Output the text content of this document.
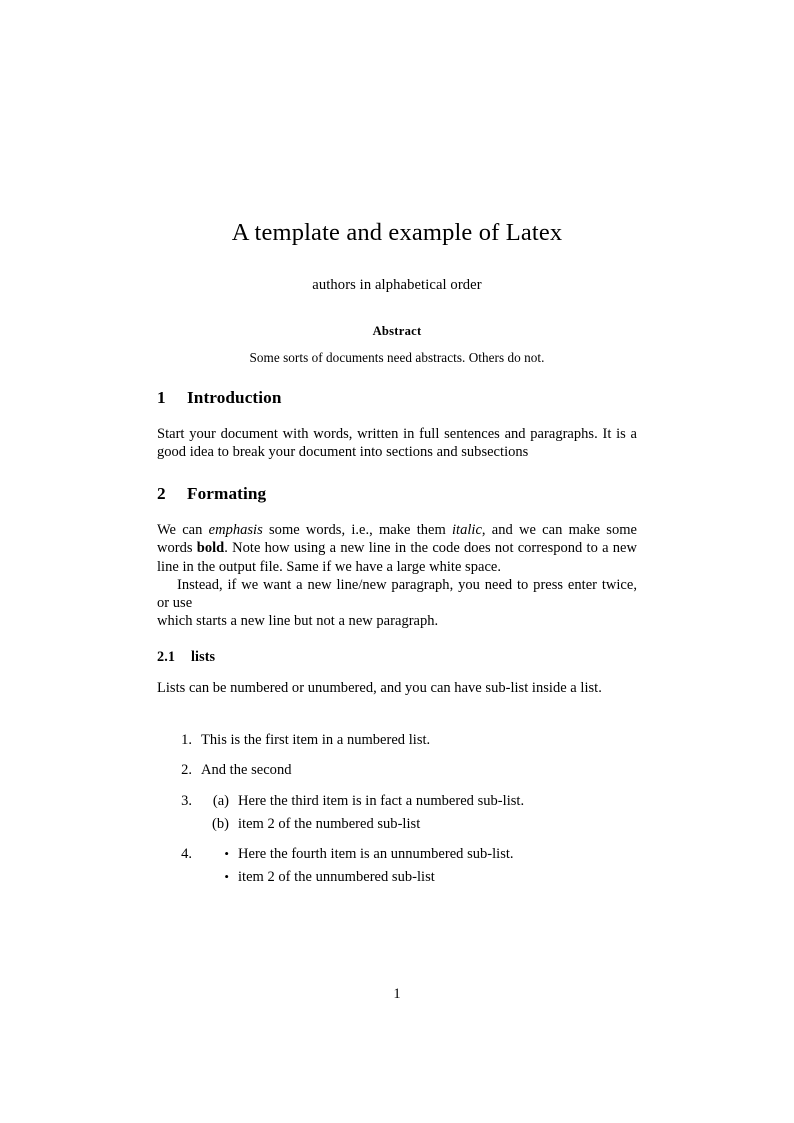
A template and example of Latex
authors in alphabetical order
Abstract
Some sorts of documents need abstracts. Others do not.
1 Introduction

Start your document with words, written in full sentences and paragraphs. It is a good idea to break your document into sections and subsections

2 Formating

We can emphasis some words, i.e., make them italic, and we can make some words bold. Note how using a new line in the code does not correspond to a new line in the output file. Same if we have a large white space.

Instead, if we want a new line/new paragraph, you need to press enter twice, or use

which starts a new line but not a new paragraph.

2.1 lists

Lists can be numbered or unumbered, and you can have sub-list inside a list.

1. This is the first item in a numbered list.
2. And the second
3.	(a) Here the third item is in fact a numbered sub-list.
(b) item 2 of the numbered sub-list
4.	• Here the fourth item is an unnumbered sub-list.
• item 2 of the unnumbered sub-list
1
